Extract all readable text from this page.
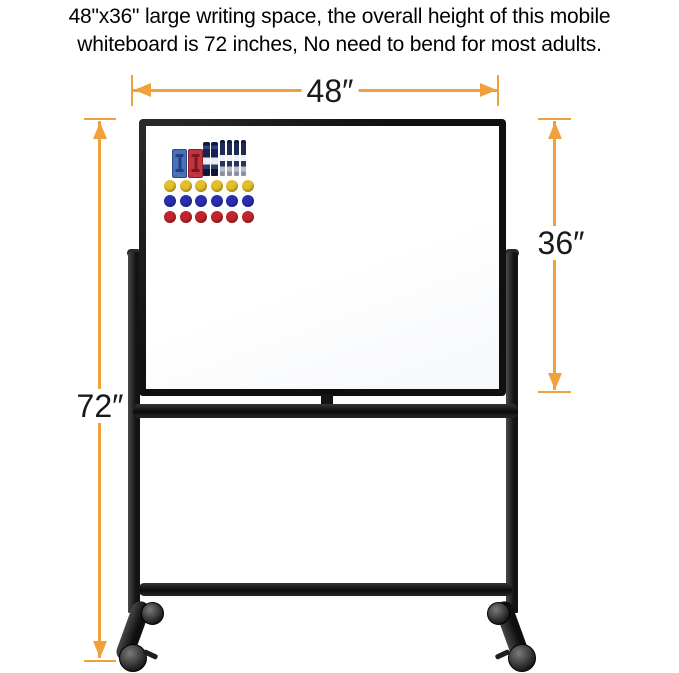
48"x36" large writing space, the overall height of this mobile
whiteboard is 72 inches, No need to bend for most adults.
48″
36″
72″
